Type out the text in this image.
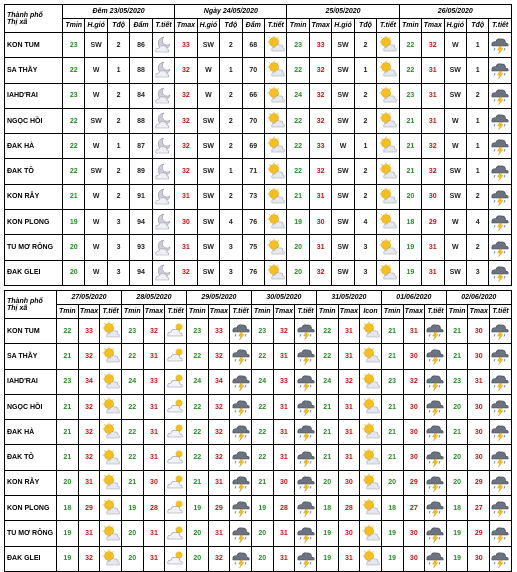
Thành phố
Thị xã	Đêm 23/05/2020					Ngày 24/05/2020					25/05/2020					26/05/2020				
	Tmin	H.gió	Tđộ	Đẩm	T.tiết	Tmax	H.gió	Tđộ	Đẩm	T.tiết	Tmin	Tmax	H.gió	Tđộ	T.tiết	Tmin	Tmax	H.gió	Tđộ	T.tiết
KON TUM	23	SW	2	86		33	SW	2	68		23	33	SW	2		22	32	W	1	

SA THẦY	22	W	1	88		32	W	1	70		22	32	SW	1		22	31	SW	1	

IAHD'RAI	23	W	2	84		32	W	2	66		24	32	SW	2		23	31	SW	2	

NGỌC HỒI	22	SW	2	88		32	SW	2	70		22	32	SW	2		21	31	W	1	

ĐAK HÀ	22	W	1	87		32	SW	2	69		22	33	W	1		21	32	W	1	

ĐAK TÔ	22	SW	2	89		32	SW	1	71		22	32	SW	2		21	32	SW	1	

KON RẪY	21	W	2	91		31	SW	2	73		21	31	SW	2		20	30	SW	2	

KON PLONG	19	W	3	94		30	SW	4	76		19	30	SW	4		18	29	W	4	

TU MƠ RÔNG	20	W	3	93		31	SW	3	75		20	31	SW	3		19	31	W	2	

ĐAK GLEI	20	W	3	94		32	SW	3	76		20	32	SW	3		19	31	SW	3	
Thành phố
Thị xã	27/05/2020			28/05/2020			29/05/2020			30/05/2020			31/05/2020			01/06/2020			02/06/2020		
	Tmin	Tmax	T.tiết	Tmin	Tmax	T.tiết	Tmin	Tmax	T.tiết	Tmin	Tmax	T.tiết	Tmin	Tmax	Icon	Tmin	Tmax	T.tiết	Tmin	Tmax	T.tiết
KON TUM	22	33		23	32		23	33		23	32		22	31		21	31		21	30	

SA THẦY	21	32		22	31		22	32		22	31		22	31		21	30		21	30	

IAHD'RAI	23	34		24	33		24	34		24	33		24	32		23	32		23	31	

NGỌC HỒI	21	32		22	31		22	32		22	31		21	31		21	30		20	30	

ĐAK HÀ	21	32		22	31		22	32		22	31		21	31		21	30		21	30	

ĐAK TÔ	21	32		22	31		22	32		22	31		21	31		21	30		20	30	

KON RẪY	20	31		21	30		21	31		21	30		20	30		20	29		20	29	

KON PLONG	18	29		19	28		19	29		19	28		18	28		18	27		18	27	

TU MƠ RÔNG	19	31		20	31		20	31		20	31		19	30		19	30		19	29	

ĐAK GLEI	19	32		20	31		20	32		20	31		19	31		19	30		19	30	
